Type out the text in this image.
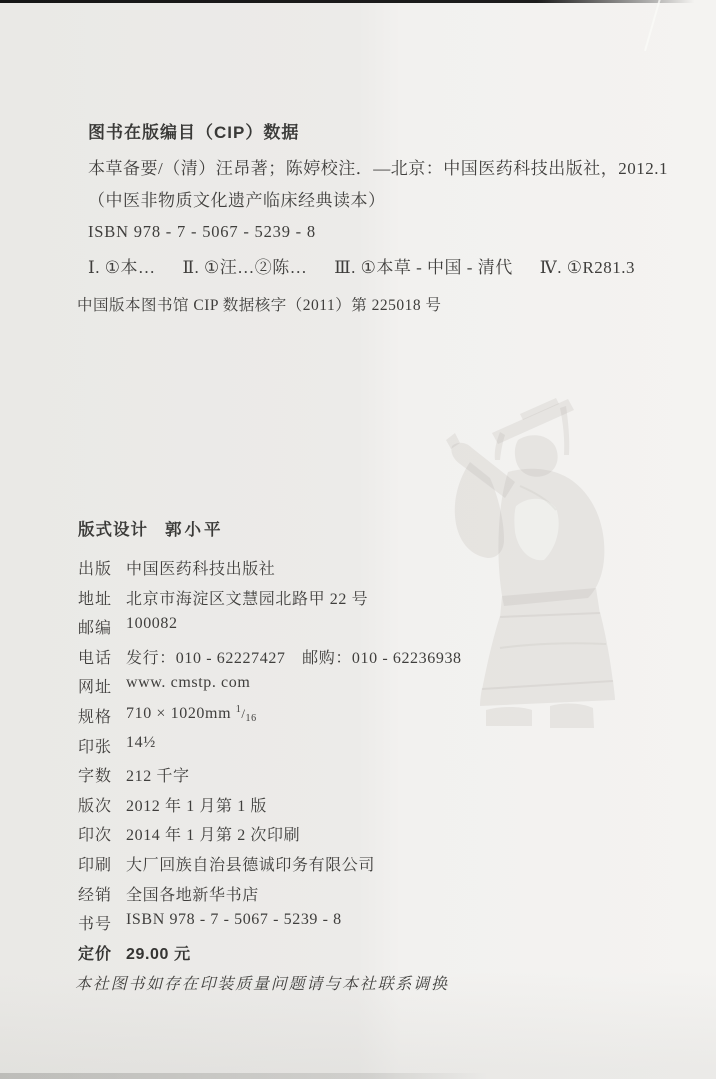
图书在版编目（CIP）数据
本草备要/（清）汪昂著；陈婷校注．—北京：中国医药科技出版社，2012.1
（中医非物质文化遗产临床经典读本）
ISBN 978 - 7 - 5067 - 5239 - 8
Ⅰ. ①本… Ⅱ. ①汪…②陈… Ⅲ. ①本草 - 中国 - 清代 Ⅳ. ①R281.3
中国版本图书馆 CIP 数据核字（2011）第 225018 号
版式设计 郭小平
出版 中国医药科技出版社
地址 北京市海淀区文慧园北路甲 22 号
邮编 100082
电话 发行：010 - 62227427　邮购：010 - 62236938
网址 www. cmstp. com
规格 710 × 1020mm $^1/_{16}$
印张 14½
字数 212 千字
版次 2012 年 1 月第 1 版
印次 2014 年 1 月第 2 次印刷
印刷 大厂回族自治县德诚印务有限公司
经销 全国各地新华书店
书号 ISBN 978 - 7 - 5067 - 5239 - 8
定价 29.00 元
本社图书如存在印装质量问题请与本社联系调换
